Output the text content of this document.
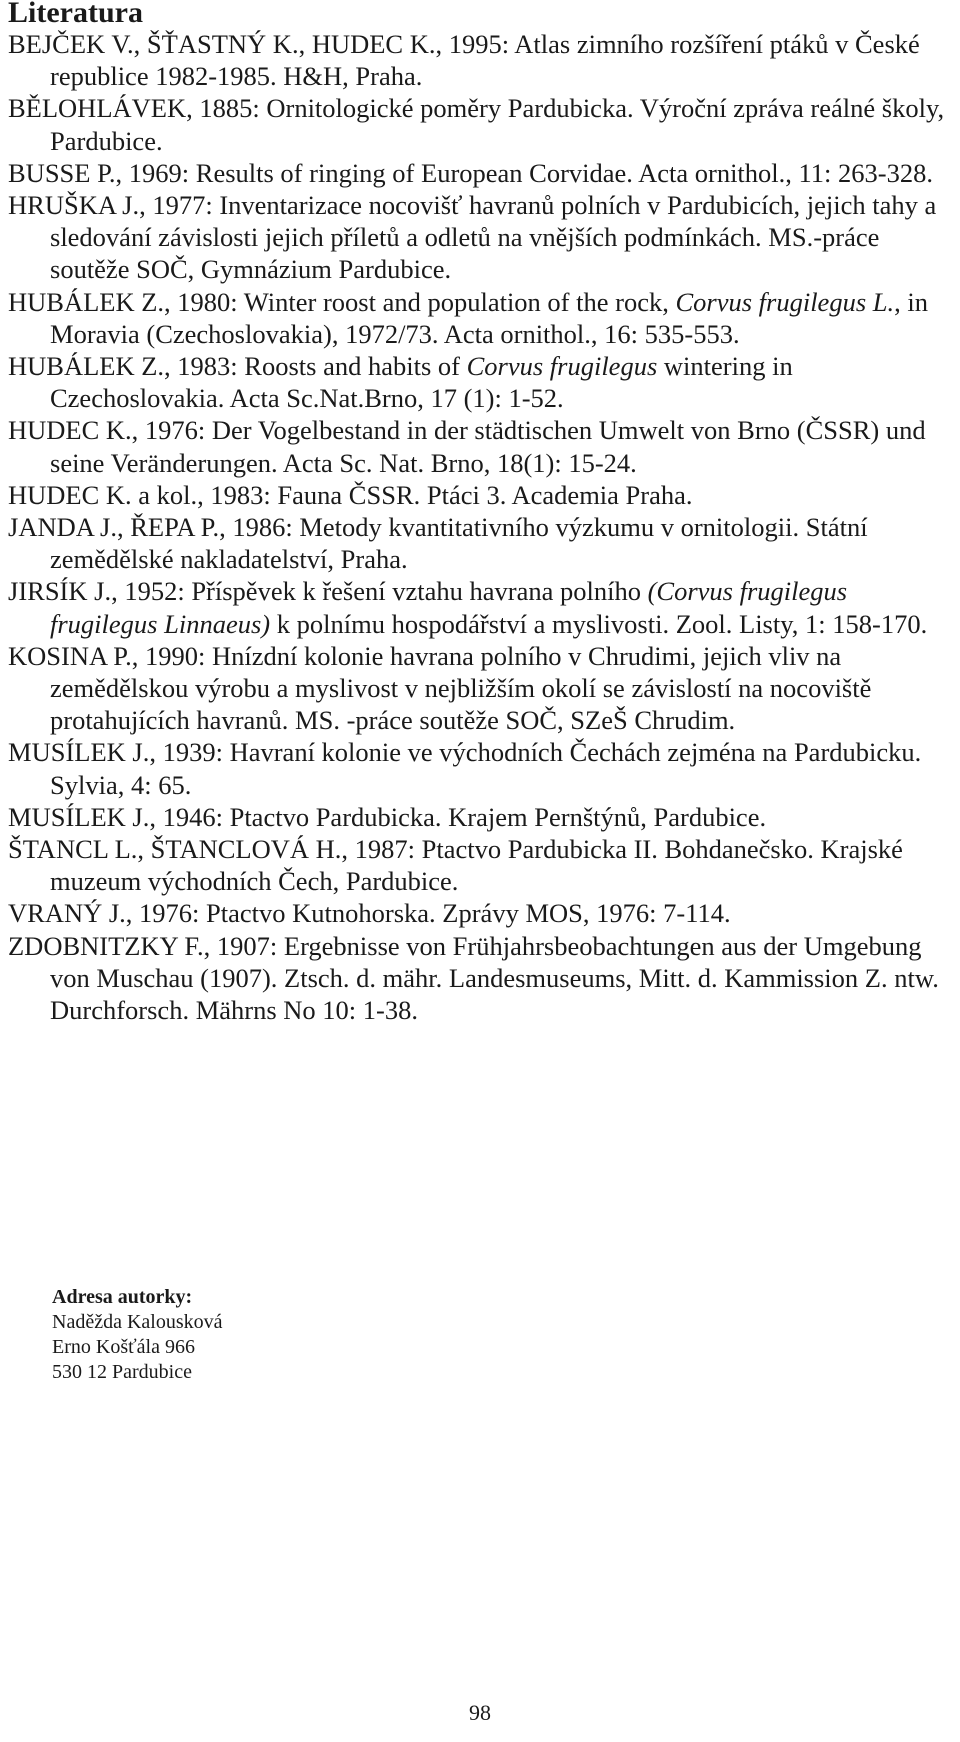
Literatura
BEJČEK V., ŠŤASTNÝ K., HUDEC K., 1995: Atlas zimního rozšíření ptáků v České republice 1982-1985. H&H, Praha.
BĚLOHLÁVEK, 1885: Ornitologické poměry Pardubicka. Výroční zpráva reálné školy, Pardubice.
BUSSE P., 1969: Results of ringing of European Corvidae. Acta ornithol., 11: 263-328.
HRUŠKA J., 1977: Inventarizace nocovišť havranů polních v Pardubicích, jejich tahy a sledování závislosti jejich příletů a odletů na vnějších podmínkách. MS.-práce soutěže SOČ, Gymnázium Pardubice.
HUBÁLEK Z., 1980: Winter roost and population of the rock, Corvus frugilegus L., in Moravia (Czechoslovakia), 1972/73. Acta ornithol., 16: 535-553.
HUBÁLEK Z., 1983: Roosts and habits of Corvus frugilegus wintering in Czechoslovakia. Acta Sc.Nat.Brno, 17 (1): 1-52.
HUDEC K., 1976: Der Vogelbestand in der städtischen Umwelt von Brno (ČSSR) und seine Veränderungen. Acta Sc. Nat. Brno, 18(1): 15-24.
HUDEC K. a kol., 1983: Fauna ČSSR. Ptáci 3. Academia Praha.
JANDA J., ŘEPA P., 1986: Metody kvantitativního výzkumu v ornitologii. Státní zemědělské nakladatelství, Praha.
JIRSÍK J., 1952: Příspěvek k řešení vztahu havrana polního (Corvus frugilegus frugilegus Linnaeus) k polnímu hospodářství a myslivosti. Zool. Listy, 1: 158-170.
KOSINA P., 1990: Hnízdní kolonie havrana polního v Chrudimi, jejich vliv na zemědělskou výrobu a myslivost v nejbližším okolí se závislostí na nocoviště protahujících havranů. MS. -práce soutěže SOČ, SZeŠ Chrudim.
MUSÍLEK J., 1939: Havraní kolonie ve východních Čechách zejména na Pardubicku. Sylvia, 4: 65.
MUSÍLEK J., 1946: Ptactvo Pardubicka. Krajem Pernštýnů, Pardubice.
ŠTANCL L., ŠTANCLOVÁ H., 1987: Ptactvo Pardubicka II. Bohdanečsko. Krajské muzeum východních Čech, Pardubice.
VRANÝ J., 1976: Ptactvo Kutnohorska. Zprávy MOS, 1976: 7-114.
ZDOBNITZKY F., 1907: Ergebnisse von Frühjahrsbeobachtungen aus der Umgebung von Muschau (1907). Ztsch. d. mähr. Landesmuseums, Mitt. d. Kammission Z. ntw. Durchforsch. Mährns No 10: 1-38.
Adresa autorky:
Naděžda Kalousková
Erno Košťála 966
530 12 Pardubice
98
